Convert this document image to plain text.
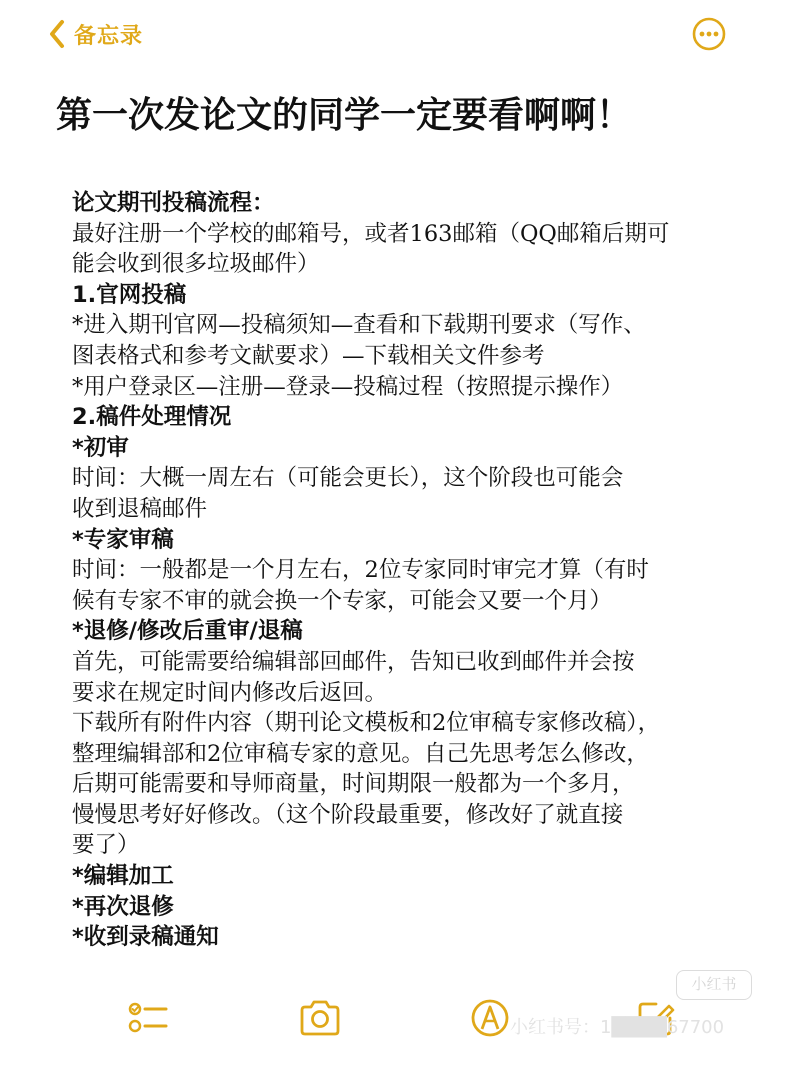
备忘录
第一次发论文的同学一定要看啊啊！
论文期刊投稿流程：
最好注册一个学校的邮箱号，或者163邮箱（QQ邮箱后期可
能会收到很多垃圾邮件）
1.官网投稿
*进入期刊官网—投稿须知—查看和下载期刊要求（写作、
图表格式和参考文献要求）—下载相关文件参考
*用户登录区—注册—登录—投稿过程（按照提示操作）
2.稿件处理情况
*初审
时间：大概一周左右（可能会更长），这个阶段也可能会
收到退稿邮件
*专家审稿
时间：一般都是一个月左右，2位专家同时审完才算（有时
候有专家不审的就会换一个专家，可能会又要一个月）
*退修/修改后重审/退稿
首先，可能需要给编辑部回邮件，告知已收到邮件并会按
要求在规定时间内修改后返回。
下载所有附件内容（期刊论文模板和2位审稿专家修改稿），
整理编辑部和2位审稿专家的意见。自己先思考怎么修改，
后期可能需要和导师商量，时间期限一般都为一个多月，
慢慢思考好好修改。（这个阶段最重要，修改好了就直接
要了）
*编辑加工
*再次退修
*收到录稿通知
小红书
小红书号：1████67700
